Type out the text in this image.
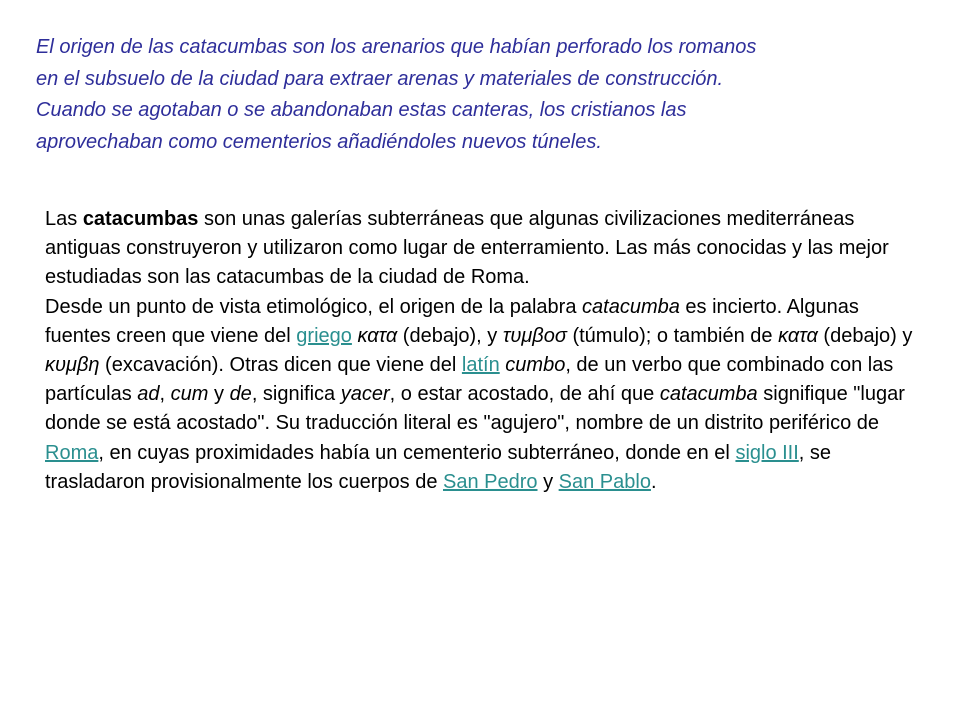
El origen de las catacumbas son los arenarios que habían perforado los romanos
en el subsuelo de la ciudad para extraer arenas y materiales de construcción.
Cuando se agotaban o se abandonaban estas canteras, los cristianos las
aprovechaban como cementerios añadiéndoles nuevos túneles.

Las catacumbas son unas galerías subterráneas que algunas civilizaciones mediterráneas antiguas construyeron y utilizaron como lugar de enterramiento. Las más conocidas y las mejor estudiadas son las catacumbas de la ciudad de Roma.
Desde un punto de vista etimológico, el origen de la palabra catacumba es incierto. Algunas fuentes creen que viene del griego κατα (debajo), y τυμβοσ (túmulo); o también de κατα (debajo) y κυμβη (excavación). Otras dicen que viene del latín cumbo, de un verbo que combinado con las partículas ad, cum y de, significa yacer, o estar acostado, de ahí que catacumba signifique "lugar donde se está acostado". Su traducción literal es "agujero", nombre de un distrito periférico de Roma, en cuyas proximidades había un cementerio subterráneo, donde en el siglo III, se trasladaron provisionalmente los cuerpos de San Pedro y San Pablo.
